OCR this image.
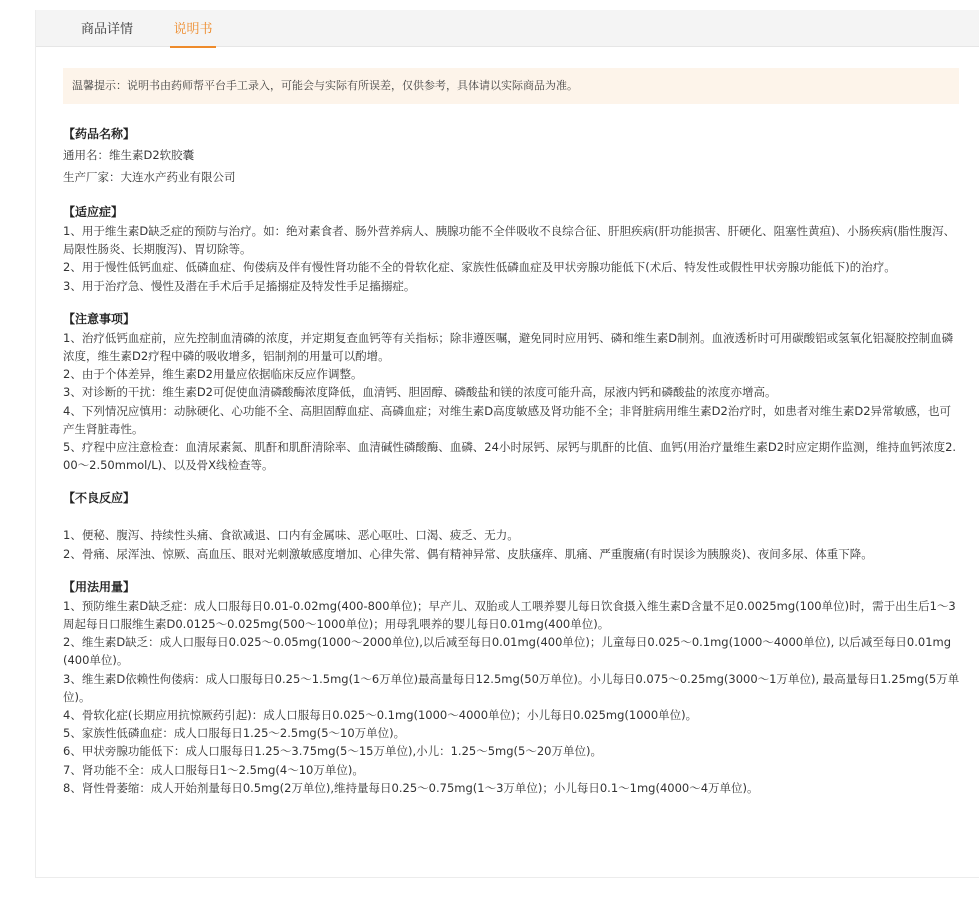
商品详情	说明书
温馨提示：说明书由药师帮平台手工录入，可能会与实际有所误差，仅供参考，具体请以实际商品为准。
【药品名称】
通用名：维生素D2软胶囊
生产厂家：大连水产药业有限公司
【适应症】
1、用于维生素D缺乏症的预防与治疗。如：绝对素食者、肠外营养病人、胰腺功能不全伴吸收不良综合征、肝胆疾病(肝功能损害、肝硬化、阻塞性黄疸)、小肠疾病(脂性腹泻、局限性肠炎、长期腹泻)、胃切除等。
2、用于慢性低钙血症、低磷血症、佝偻病及伴有慢性肾功能不全的骨软化症、家族性低磷血症及甲状旁腺功能低下(术后、特发性或假性甲状旁腺功能低下)的治疗。
3、用于治疗急、慢性及潜在手术后手足搐搦症及特发性手足搐搦症。
【注意事项】
1、治疗低钙血症前，应先控制血清磷的浓度，并定期复查血钙等有关指标；除非遵医嘱，避免同时应用钙、磷和维生素D制剂。血液透析时可用碳酸铝或氢氧化铝凝胶控制血磷浓度，维生素D2疗程中磷的吸收增多，铝制剂的用量可以酌增。
2、由于个体差异，维生素D2用量应依据临床反应作调整。
3、对诊断的干扰：维生素D2可促使血清磷酸酶浓度降低，血清钙、胆固醇、磷酸盐和镁的浓度可能升高，尿液内钙和磷酸盐的浓度亦增高。
4、下列情况应慎用：动脉硬化、心功能不全、高胆固醇血症、高磷血症；对维生素D高度敏感及肾功能不全；非肾脏病用维生素D2治疗时，如患者对维生素D2异常敏感，也可产生肾脏毒性。
5、疗程中应注意检查：血清尿素氮、肌酐和肌酐清除率、血清碱性磷酸酶、血磷、24小时尿钙、尿钙与肌酐的比值、血钙(用治疗量维生素D2时应定期作监测，维持血钙浓度2.00～2.50mmol/L)、以及骨X线检查等。
【不良反应】
1、便秘、腹泻、持续性头痛、食欲减退、口内有金属味、恶心呕吐、口渴、疲乏、无力。
2、骨痛、尿浑浊、惊厥、高血压、眼对光刺激敏感度增加、心律失常、偶有精神异常、皮肤瘙痒、肌痛、严重腹痛(有时误诊为胰腺炎)、夜间多尿、体重下降。
【用法用量】
1、预防维生素D缺乏症：成人口服每日0.01-0.02mg(400-800单位)；早产儿、双胎或人工喂养婴儿每日饮食摄入维生素D含量不足0.0025mg(100单位)时，需于出生后1～3周起每日口服维生素D0.0125～0.025mg(500～1000单位)；用母乳喂养的婴儿每日0.01mg(400单位)。
2、维生素D缺乏：成人口服每日0.025～0.05mg(1000～2000单位),以后减至每日0.01mg(400单位)；儿童每日0.025～0.1mg(1000～4000单位), 以后减至每日0.01mg(400单位)。
3、维生素D依赖性佝偻病：成人口服每日0.25～1.5mg(1～6万单位)最高量每日12.5mg(50万单位)。小儿每日0.075～0.25mg(3000～1万单位), 最高量每日1.25mg(5万单位)。
4、骨软化症(长期应用抗惊厥药引起)：成人口服每日0.025～0.1mg(1000～4000单位)；小儿每日0.025mg(1000单位)。
5、家族性低磷血症：成人口服每日1.25～2.5mg(5～10万单位)。
6、甲状旁腺功能低下：成人口服每日1.25～3.75mg(5～15万单位),小儿：1.25～5mg(5～20万单位)。
7、肾功能不全：成人口服每日1～2.5mg(4～10万单位)。
8、肾性骨萎缩：成人开始剂量每日0.5mg(2万单位),维持量每日0.25～0.75mg(1～3万单位)；小儿每日0.1～1mg(4000～4万单位)。
